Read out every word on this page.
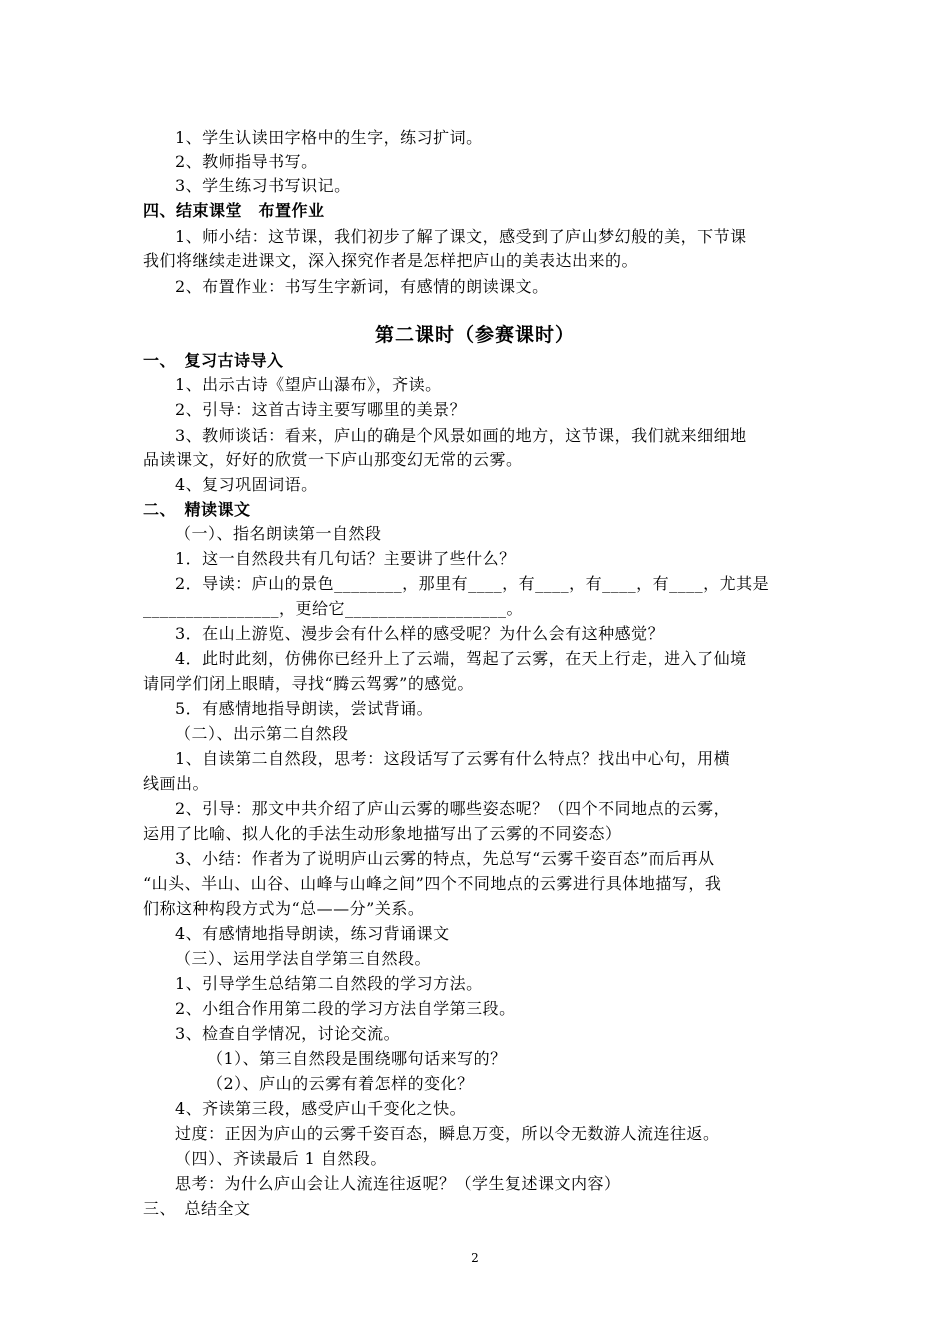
1、学生认读田字格中的生字，练习扩词。
2、教师指导书写。
3、学生练习书写识记。
四、结束课堂　布置作业
1、师小结：这节课，我们初步了解了课文，感受到了庐山梦幻般的美，下节课
我们将继续走进课文，深入探究作者是怎样把庐山的美表达出来的。
2、布置作业：书写生字新词，有感情的朗读课文。
第二课时（参赛课时）
一、　复习古诗导入
1、出示古诗《望庐山瀑布》，齐读。
2、引导：这首古诗主要写哪里的美景？
3、教师谈话：看来，庐山的确是个风景如画的地方，这节课，我们就来细细地
品读课文，好好的欣赏一下庐山那变幻无常的云雾。
4、复习巩固词语。
二、　精读课文
（一）、指名朗读第一自然段
1．这一自然段共有几句话？主要讲了些什么？
2．导读：庐山的景色________，那里有____，有____，有____，有____，尤其是
________________，更给它___________________。
3．在山上游览、漫步会有什么样的感受呢？为什么会有这种感觉？
4．此时此刻，仿佛你已经升上了云端，驾起了云雾，在天上行走，进入了仙境
请同学们闭上眼睛，寻找“腾云驾雾”的感觉。
5．有感情地指导朗读，尝试背诵。
（二）、出示第二自然段
1、自读第二自然段，思考：这段话写了云雾有什么特点？找出中心句，用横
线画出。
2、引导：那文中共介绍了庐山云雾的哪些姿态呢？（四个不同地点的云雾，
运用了比喻、拟人化的手法生动形象地描写出了云雾的不同姿态）
3、小结：作者为了说明庐山云雾的特点，先总写“云雾千姿百态”而后再从
“山头、半山、山谷、山峰与山峰之间”四个不同地点的云雾进行具体地描写，我
们称这种构段方式为“总——分”关系。
4、有感情地指导朗读，练习背诵课文
（三）、运用学法自学第三自然段。
1、引导学生总结第二自然段的学习方法。
2、小组合作用第二段的学习方法自学第三段。
3、检查自学情况，讨论交流。
（1）、第三自然段是围绕哪句话来写的？
（2）、庐山的云雾有着怎样的变化？
4、齐读第三段，感受庐山千变化之快。
过度：正因为庐山的云雾千姿百态，瞬息万变，所以令无数游人流连往返。
（四）、齐读最后 1 自然段。
思考：为什么庐山会让人流连往返呢？（学生复述课文内容）
三、　总结全文
2
